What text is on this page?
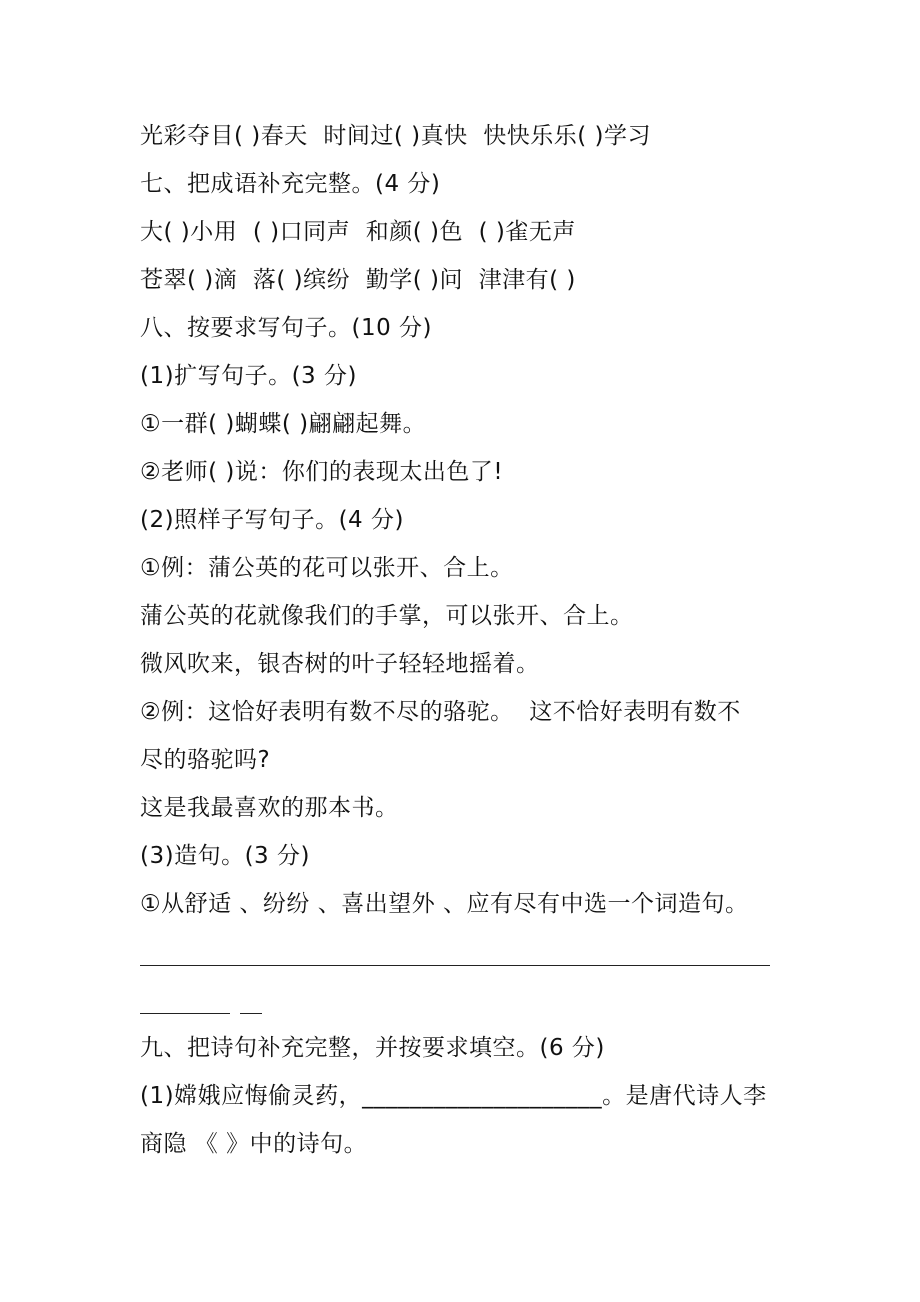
光彩夺目( )春天  时间过( )真快  快快乐乐( )学习
七、把成语补充完整。(4 分)
大( )小用  ( )口同声  和颜( )色  ( )雀无声
苍翠( )滴  落( )缤纷  勤学( )问  津津有( )
八、按要求写句子。(10 分)
(1)扩写句子。(3 分)
①一群( )蝴蝶( )翩翩起舞。
②老师( )说：你们的表现太出色了!
(2)照样子写句子。(4 分)
①例：蒲公英的花可以张开、合上。
蒲公英的花就像我们的手掌，可以张开、合上。
微风吹来，银杏树的叶子轻轻地摇着。
②例：这恰好表明有数不尽的骆驼。  这不恰好表明有数不
尽的骆驼吗?
这是我最喜欢的那本书。
(3)造句。(3 分)
①从舒适 、纷纷 、喜出望外 、应有尽有中选一个词造句。
九、把诗句补充完整，并按要求填空。(6 分)
(1)嫦娥应悔偷灵药，____________________。是唐代诗人李
商隐 《 》中的诗句。
